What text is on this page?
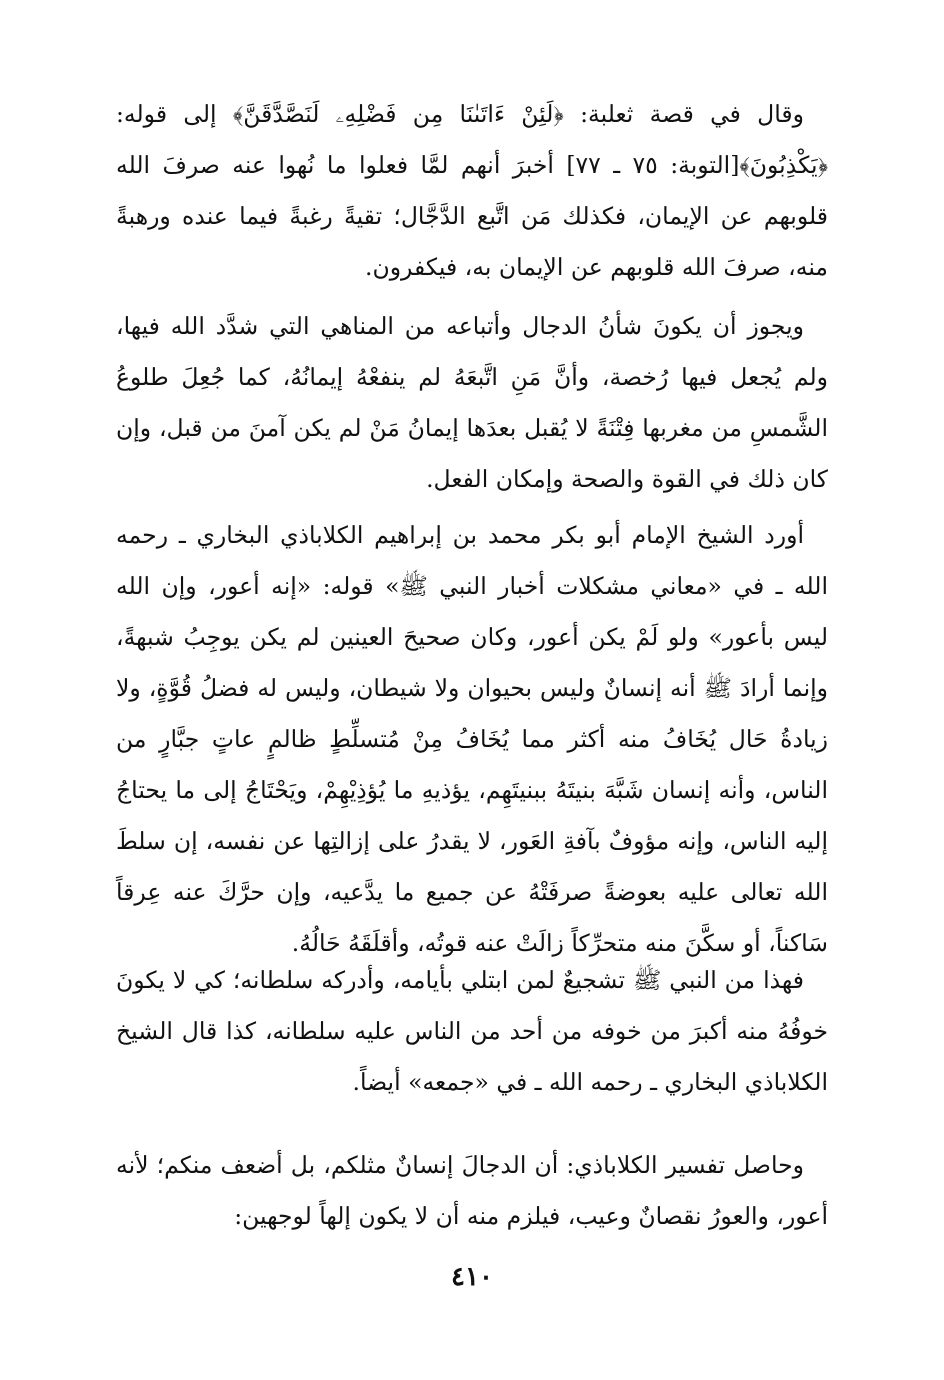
وقال في قصة ثعلبة: ﴿لَئِنْ ءَاتَىٰنَا مِن فَضْلِهِۦ لَنَصَّدَّقَنَّ﴾ إلى قوله: ﴿يَكْذِبُونَ﴾[التوبة: ٧٥ ـ ٧٧] أخبرَ أنهم لمَّا فعلوا ما نُهوا عنه صرفَ الله قلوبهم عن الإيمان، فكذلك مَن اتَّبع الدَّجَّال؛ تقيةً رغبةً فيما عنده ورهبةً منه، صرفَ الله قلوبهم عن الإيمان به، فيكفرون.

ويجوز أن يكونَ شأنُ الدجال وأتباعه من المناهي التي شدَّد الله فيها، ولم يُجعل فيها رُخصة، وأنَّ مَنِ اتَّبعَهُ لم ينفعْهُ إيمانُهُ، كما جُعِلَ طلوعُ الشَّمسِ من مغربها فِتْنَةً لا يُقبل بعدَها إيمانُ مَنْ لم يكن آمنَ من قبل، وإن كان ذلك في القوة والصحة وإمكان الفعل.

أورد الشيخ الإمام أبو بكر محمد بن إبراهيم الكلاباذي البخاري ـ رحمه الله ـ في «معاني مشكلات أخبار النبي ﷺ» قوله: «إنه أعور، وإن الله ليس بأعور» ولو لَمْ يكن أعور، وكان صحيحَ العينين لم يكن يوجِبُ شبهةً، وإنما أرادَ ﷺ أنه إنسانٌ وليس بحيوان ولا شيطان، وليس له فضلُ قُوَّةٍ، ولا زيادةُ حَال يُخَافُ منه أكثر مما يُخَافُ مِنْ مُتسلِّطٍ ظالمٍ عاتٍ جبَّارٍ من الناس، وأنه إنسان شَبَّهَ بنيتَهُ ببنيتَهِم، يؤذيهِ ما يُؤذِيْهِمْ، ويَحْتَاجُ إلى ما يحتاجُ إليه الناس، وإنه مؤوفٌ بآفةِ العَور، لا يقدرُ على إزالتِها عن نفسه، إن سلطَ الله تعالى عليه بعوضةً صرفَتْهُ عن جميع ما يدَّعيه، وإن حرَّكَ عنه عِرقاً سَاكناً، أو سكَّنَ منه متحرِّكاً زالَتْ عنه قوتُه، وأقلَقَهُ حَالُهُ.

فهذا من النبي ﷺ تشجيعٌ لمن ابتلي بأيامه، وأدركه سلطانه؛ كي لا يكونَ خوفُهُ منه أكبرَ من خوفه من أحد من الناس عليه سلطانه، كذا قال الشيخ الكلاباذي البخاري ـ رحمه الله ـ في «جمعه» أيضاً.

وحاصل تفسير الكلاباذي: أن الدجالَ إنسانٌ مثلكم، بل أضعف منكم؛ لأنه أعور، والعورُ نقصانٌ وعيب، فيلزم منه أن لا يكون إلهاً لوجهين:

٤١٠
